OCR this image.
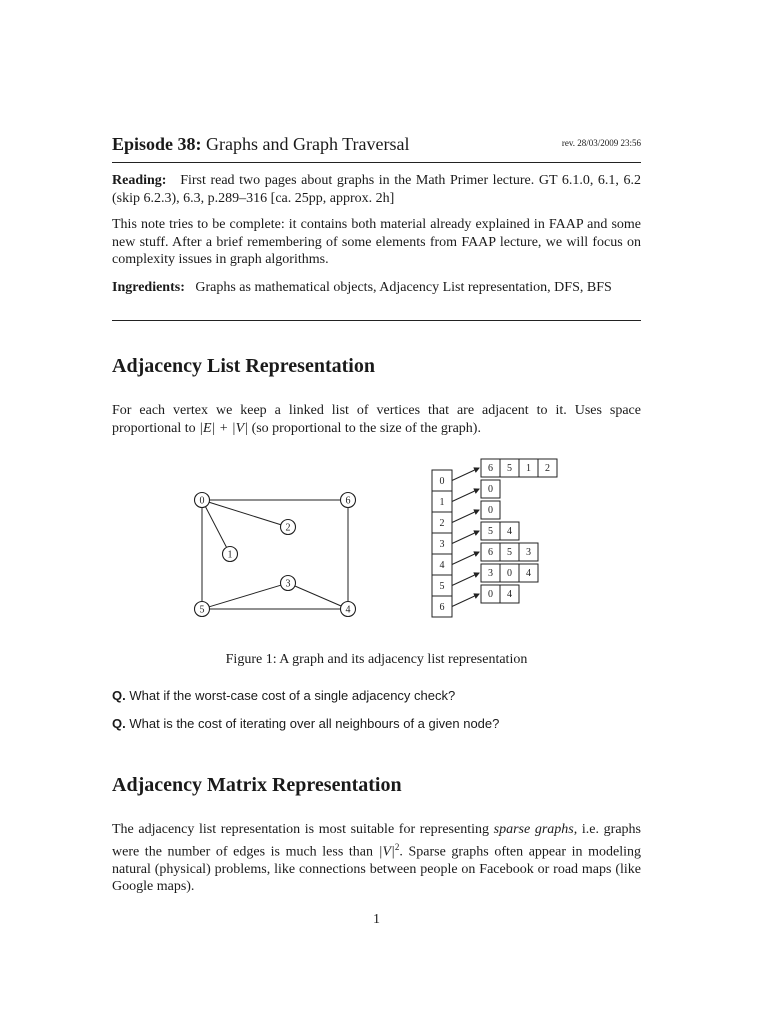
Episode 38: Graphs and Graph Traversal	rev. 28/03/2009 23:56
Reading: First read two pages about graphs in the Math Primer lecture. GT 6.1.0, 6.1, 6.2 (skip 6.2.3), 6.3, p.289–316 [ca. 25pp, approx. 2h]
This note tries to be complete: it contains both material already explained in FAAP and some new stuff. After a brief remembering of some elements from FAAP lecture, we will focus on complexity issues in graph algorithms.
Ingredients: Graphs as mathematical objects, Adjacency List representation, DFS, BFS
Adjacency List Representation
For each vertex we keep a linked list of vertices that are adjacent to it. Uses space proportional to |E| + |V| (so proportional to the size of the graph).
0
1
2
3
4
5
6
0
1
2
3
4
5
6
6 5 1 2
0
0
5 4
6 5 3
3 0 4
0 4
Figure 1: A graph and its adjacency list representation
Q. What if the worst-case cost of a single adjacency check?
Q. What is the cost of iterating over all neighbours of a given node?
Adjacency Matrix Representation
The adjacency list representation is most suitable for representing sparse graphs, i.e. graphs were the number of edges is much less than $|V|^2$. Sparse graphs often appear in modeling natural (physical) problems, like connections between people on Facebook or road maps (like Google maps).
1
